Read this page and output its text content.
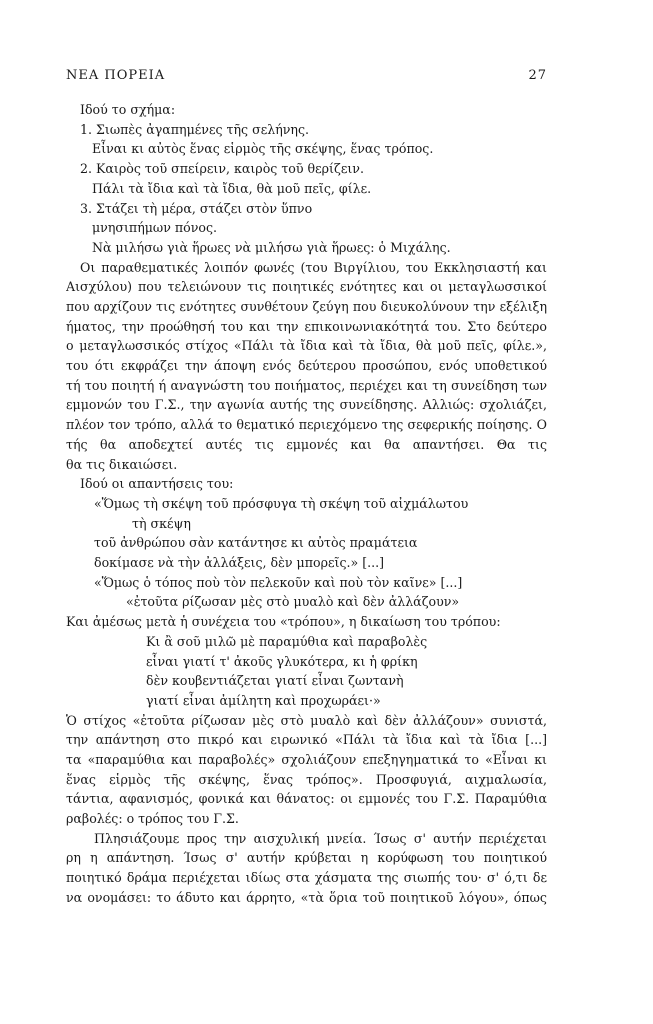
ΝΕΑ ΠΟΡΕΙΑ	27
Ιδού το σχήμα:
1. Σιωπὲς ἀγαπημένες τῆς σελήνης.
Εἶναι κι αὐτὸς ἕνας εἱρμὸς τῆς σκέψης, ἕνας τρόπος.
2. Καιρὸς τοῦ σπείρειν, καιρὸς τοῦ θερίζειν.
Πάλι τὰ ἴδια καὶ τὰ ἴδια, θὰ μοῦ πεῖς, φίλε.
3. Στάζει τὴ μέρα, στάζει στὸν ὕπνο
μνησιπήμων πόνος.
Νὰ μιλήσω γιὰ ἥρωες νὰ μιλήσω γιὰ ἥρωες: ὁ Μιχάλης.
Οι παραθεματικές λοιπόν φωνές (του Βιργίλιου, του Εκκλησιαστή και
Αισχύλου) που τελειώνουν τις ποιητικές ενότητες και οι μεταγλωσσικοί
που αρχίζουν τις ενότητες συνθέτουν ζεύγη που διευκολύνουν την εξέλιξη
ήματος, την προώθησή του και την επικοινωνιακότητά του. Στο δεύτερο
ο μεταγλωσσικός στίχος «Πάλι τὰ ἴδια καὶ τὰ ἴδια, θὰ μοῦ πεῖς, φίλε.»,
του ότι εκφράζει την άποψη ενός δεύτερου προσώπου, ενός υποθετικού
τή του ποιητή ή αναγνώστη του ποιήματος, περιέχει και τη συνείδηση των
εμμονών του Γ.Σ., την αγωνία αυτής της συνείδησης. Αλλιώς: σχολιάζει,
πλέον τον τρόπο, αλλά το θεματικό περιεχόμενο της σεφερικής ποίησης. Ο
τής θα αποδεχτεί αυτές τις εμμονές και θα απαντήσει. Θα τις
θα τις δικαιώσει.
Ιδού οι απαντήσεις του:
«Ὅμως τὴ σκέψη τοῦ πρόσφυγα τὴ σκέψη τοῦ αἰχμάλωτου
τὴ σκέψη
τοῦ ἀνθρώπου σὰν κατάντησε κι αὐτὸς πραμάτεια
δοκίμασε νὰ τὴν ἀλλάξεις, δὲν μπορεῖς.» [...]
«Ὅμως ὁ τόπος ποὺ τὸν πελεκοῦν καὶ ποὺ τὸν καῖνε» [...]
«ἐτοῦτα ρίζωσαν μὲς στὸ μυαλὸ καὶ δὲν ἀλλάζουν»
Και ἀμέσως μετὰ ἡ συνέχεια του «τρόπου», η δικαίωση του τρόπου:
Κι ἂ σοῦ μιλῶ μὲ παραμύθια καὶ παραβολὲς
εἶναι γιατί τ' ἀκοῦς γλυκότερα, κι ἡ φρίκη
δὲν κουβεντιάζεται γιατί εἶναι ζωντανὴ
γιατί εἶναι ἀμίλητη καὶ προχωράει·»
Ὁ στίχος «ἐτοῦτα ρίζωσαν μὲς στὸ μυαλὸ καὶ δὲν ἀλλάζουν» συνιστά,
την απάντηση στο πικρό και ειρωνικό «Πάλι τὰ ἴδια καὶ τὰ ἴδια [...]
τα «παραμύθια και παραβολές» σχολιάζουν επεξηγηματικά το «Εἶναι κι
ἕνας εἱρμὸς τῆς σκέψης, ἕνας τρόπος». Προσφυγιά, αιχμαλωσία,
τάντια, αφανισμός, φονικά και θάνατος: οι εμμονές του Γ.Σ. Παραμύθια
ραβολές: ο τρόπος του Γ.Σ.
Πλησιάζουμε προς την αισχυλική μνεία. Ίσως σ' αυτήν περιέχεται
ρη η απάντηση. Ίσως σ' αυτήν κρύβεται η κορύφωση του ποιητικού
ποιητικό δράμα περιέχεται ιδίως στα χάσματα της σιωπής του· σ' ό,τι δε
να ονομάσει: το άδυτο και άρρητο, «τὰ ὅρια τοῦ ποιητικοῦ λόγου», όπως
